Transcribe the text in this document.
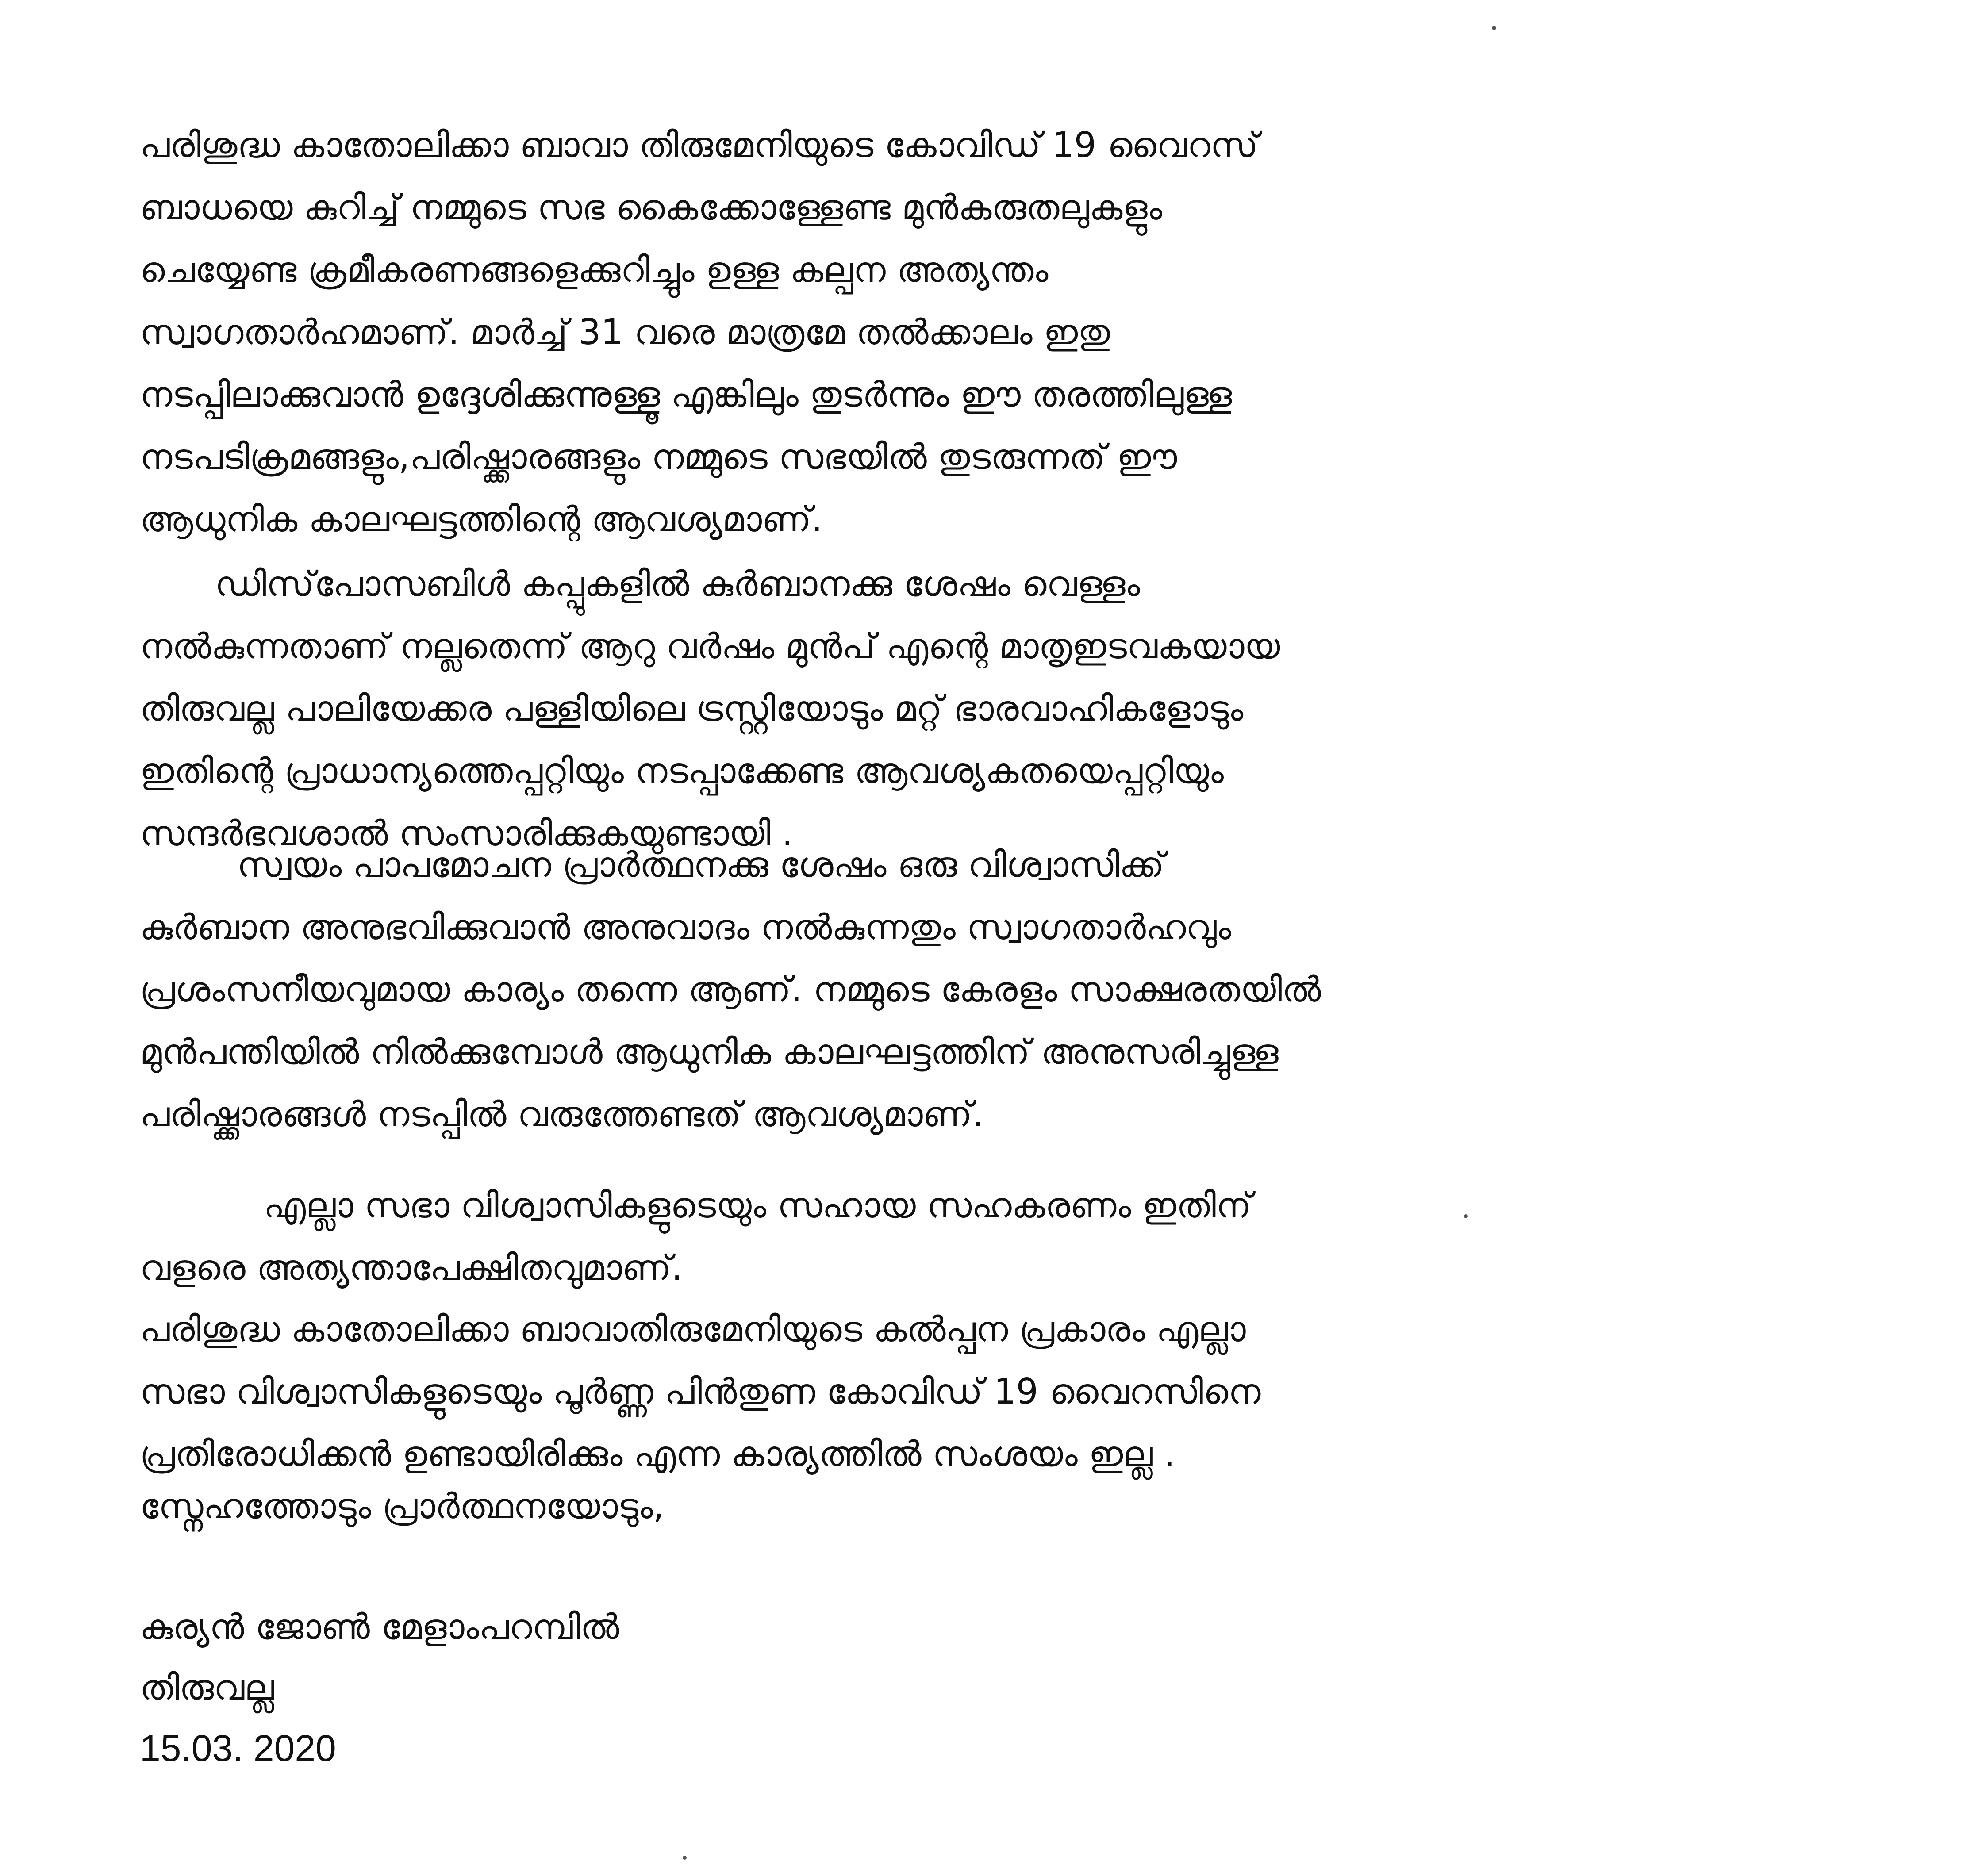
പരിശുദ്ധ കാതോലിക്കാ ബാവാ തിരുമേനിയുടെ കോവിഡ് 19 വൈറസ്
ബാധയെ കുറിച്ച് നമ്മുടെ സഭ കൈക്കോള്ളേണ്ട മുൻകരുതലുകളും
ചെയ്യേണ്ട ക്രമീകരണങ്ങളെക്കുറിച്ചും ഉള്ള കല്പന അത്യന്തം
സ്വാഗതാർഹമാണ്. മാർച്ച് 31 വരെ മാത്രമേ തൽക്കാലം ഇതു
നടപ്പിലാക്കുവാൻ ഉദ്ദേശിക്കുന്നുള്ളൂ എങ്കിലും തുടർന്നും ഈ തരത്തിലുള്ള
നടപടിക്രമങ്ങളും,പരിഷ്ക്കാരങ്ങളും നമ്മുടെ സഭയിൽ തുടരുന്നത് ഈ
ആധുനിക കാലഘട്ടത്തിന്റെ ആവശ്യമാണ്.
ഡിസ്‌പോസബിൾ കപ്പുകളിൽ കുർബാനക്കു ശേഷം വെള്ളം
നൽകുന്നതാണ് നല്ലതെന്ന് ആറു വർഷം മുൻപ് എന്റെ മാതൃഇടവകയായ
തിരുവല്ല പാലിയേക്കര പള്ളിയിലെ ട്രസ്റ്റിയോടും മറ്റ് ഭാരവാഹികളോടും
ഇതിന്റെ പ്രാധാന്യത്തെപ്പറ്റിയും നടപ്പാക്കേണ്ട ആവശ്യകതയെപ്പറ്റിയും
സന്ദർഭവശാൽ സംസാരിക്കുകയുണ്ടായി .
സ്വയം പാപമോചന പ്രാർത്ഥനക്കു ശേഷം ഒരു വിശ്വാസിക്ക്
കുർബാന അനുഭവിക്കുവാൻ അനുവാദം നൽകുന്നതും സ്വാഗതാർഹവും
പ്രശംസനീയവുമായ കാര്യം തന്നെ ആണ്. നമ്മുടെ കേരളം സാക്ഷരതയിൽ
മുൻപന്തിയിൽ നിൽക്കുമ്പോൾ ആധുനിക കാലഘട്ടത്തിന് അനുസരിച്ചുള്ള
പരിഷ്ക്കാരങ്ങൾ നടപ്പിൽ വരുത്തേണ്ടത് ആവശ്യമാണ്.
എല്ലാ സഭാ വിശ്വാസികളുടെയും സഹായ സഹകരണം ഇതിന്
വളരെ അത്യന്താപേക്ഷിതവുമാണ്.
പരിശുദ്ധ കാതോലിക്കാ ബാവാതിരുമേനിയുടെ കൽപ്പന പ്രകാരം എല്ലാ
സഭാ വിശ്വാസികളുടെയും പൂർണ്ണ പിൻതുണ കോവിഡ് 19 വൈറസിനെ
പ്രതിരോധിക്കൻ ഉണ്ടായിരിക്കും എന്ന കാര്യത്തിൽ സംശയം ഇല്ല .
സ്നേഹത്തോടും പ്രാർത്ഥനയോടും,
കുര്യൻ ജോൺ മേളാംപറമ്പിൽ
തിരുവല്ല
15.03. 2020
